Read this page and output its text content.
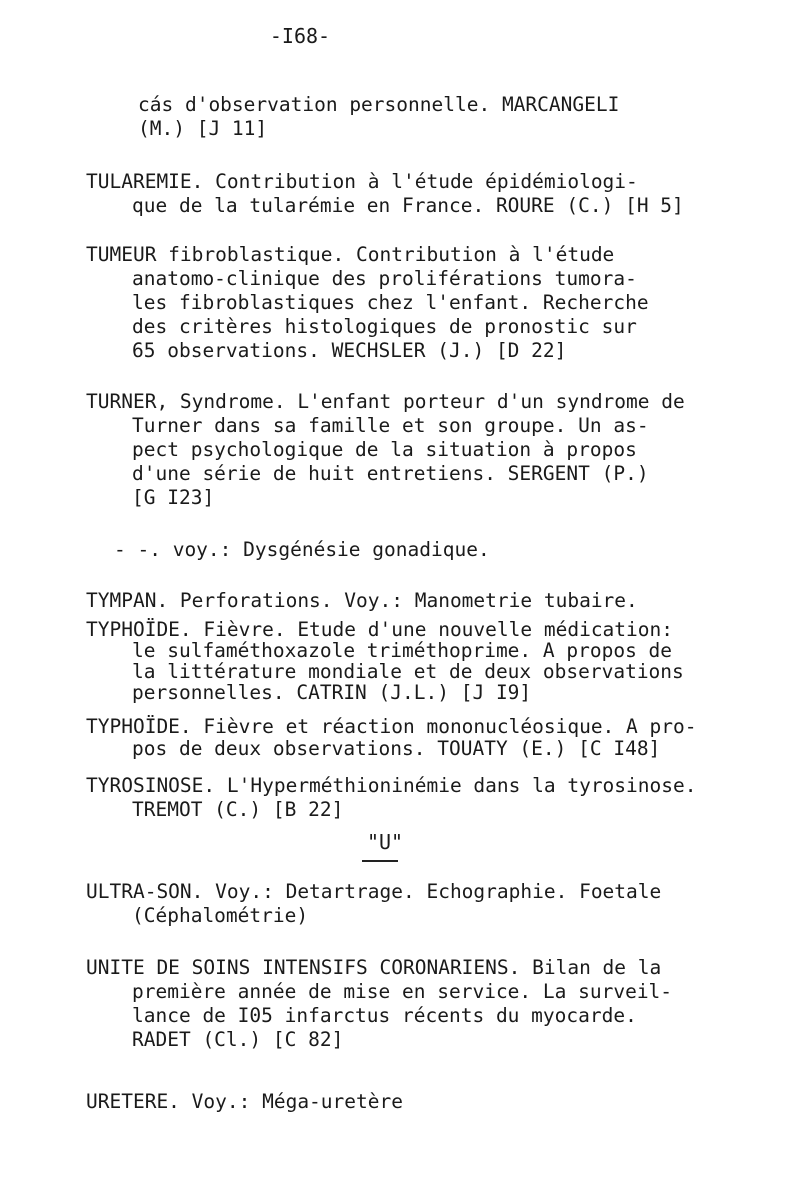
-I68-
cás d'observation personnelle. MARCANGELI
(M.) [J 11]
TULAREMIE. Contribution à l'étude épidémiologi-
que de la tularémie en France. ROURE (C.) [H 5]
TUMEUR fibroblastique. Contribution à l'étude
anatomo-clinique des proliférations tumora-
les fibroblastiques chez l'enfant. Recherche
des critères histologiques de pronostic sur
65 observations. WECHSLER (J.) [D 22]
TURNER, Syndrome. L'enfant porteur d'un syndrome de
Turner dans sa famille et son groupe. Un as-
pect psychologique de la situation à propos
d'une série de huit entretiens. SERGENT (P.)
[G I23]
- -. voy.: Dysgénésie gonadique.
TYMPAN. Perforations. Voy.: Manometrie tubaire.
TYPHOÏDE. Fièvre. Etude d'une nouvelle médication:
le sulfaméthoxazole triméthoprime. A propos de
la littérature mondiale et de deux observations
personnelles. CATRIN (J.L.) [J I9]
TYPHOÏDE. Fièvre et réaction mononucléosique. A pro-
pos de deux observations. TOUATY (E.) [C I48]
TYROSINOSE. L'Hyperméthioninémie dans la tyrosinose.
TREMOT (C.) [B 22]
"U"
ULTRA-SON. Voy.: Detartrage. Echographie. Foetale
(Céphalométrie)
UNITE DE SOINS INTENSIFS CORONARIENS. Bilan de la
première année de mise en service. La surveil-
lance de I05 infarctus récents du myocarde.
RADET (Cl.) [C 82]
URETERE. Voy.: Méga-uretère
